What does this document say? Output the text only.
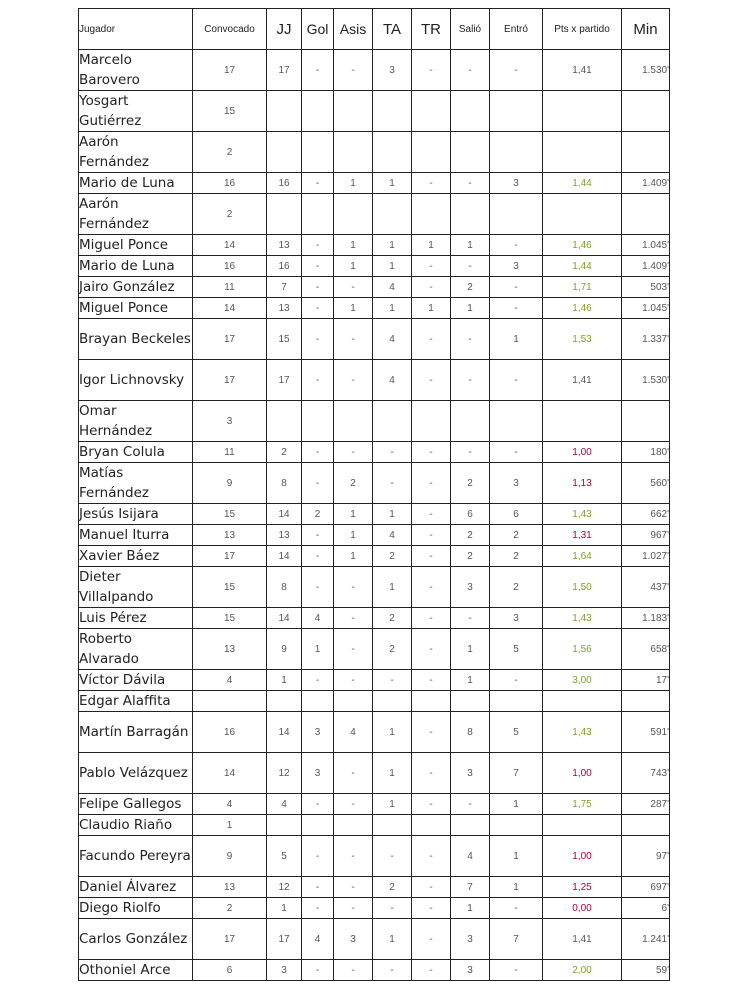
Jugador	Convocado	JJ	Gol	Asis	TA	TR	Salió	Entró	Pts x partido	Min
Marcelo Barovero	17	17	-	-	3	-	-	-	1,41	1.530'
Yosgart Gutiérrez	15									
Aarón Fernández	2									
Mario de Luna	16	16	-	1	1	-	-	3	1,44	1.409'
Aarón Fernández	2									
Miguel Ponce	14	13	-	1	1	1	1	-	1,46	1.045'
Mario de Luna	16	16	-	1	1	-	-	3	1,44	1.409'
Jairo González	11	7	-	-	4	-	2	-	1,71	503'
Miguel Ponce	14	13	-	1	1	1	1	-	1,46	1.045'
Brayan Beckeles	17	15	-	-	4	-	-	1	1,53	1.337'
Igor Lichnovsky	17	17	-	-	4	-	-	-	1,41	1.530'
Omar Hernández	3									
Bryan Colula	11	2	-	-	-	-	-	-	1,00	180'
Matías Fernández	9	8	-	2	-	-	2	3	1,13	560'
Jesús Isijara	15	14	2	1	1	-	6	6	1,43	662'
Manuel Iturra	13	13	-	1	4	-	2	2	1,31	967'
Xavier Báez	17	14	-	1	2	-	2	2	1,64	1.027'
Dieter Villalpando	15	8	-	-	1	-	3	2	1,50	437'
Luis Pérez	15	14	4	-	2	-	-	3	1,43	1.183'
Roberto Alvarado	13	9	1	-	2	-	1	5	1,56	658'
Víctor Dávila	4	1	-	-	-	-	1	-	3,00	17'
Edgar Alaffita										
Martín Barragán	16	14	3	4	1	-	8	5	1,43	591'
Pablo Velázquez	14	12	3	-	1	-	3	7	1,00	743'
Felipe Gallegos	4	4	-	-	1	-	-	1	1,75	287'
Claudio Riaño	1									
Facundo Pereyra	9	5	-	-	-	-	4	1	1,00	97'
Daniel Álvarez	13	12	-	-	2	-	7	1	1,25	697'
Diego Riolfo	2	1	-	-	-	-	1	-	0,00	6'
Carlos González	17	17	4	3	1	-	3	7	1,41	1.241'
Othoniel Arce	6	3	-	-	-	-	3	-	2,00	59'
